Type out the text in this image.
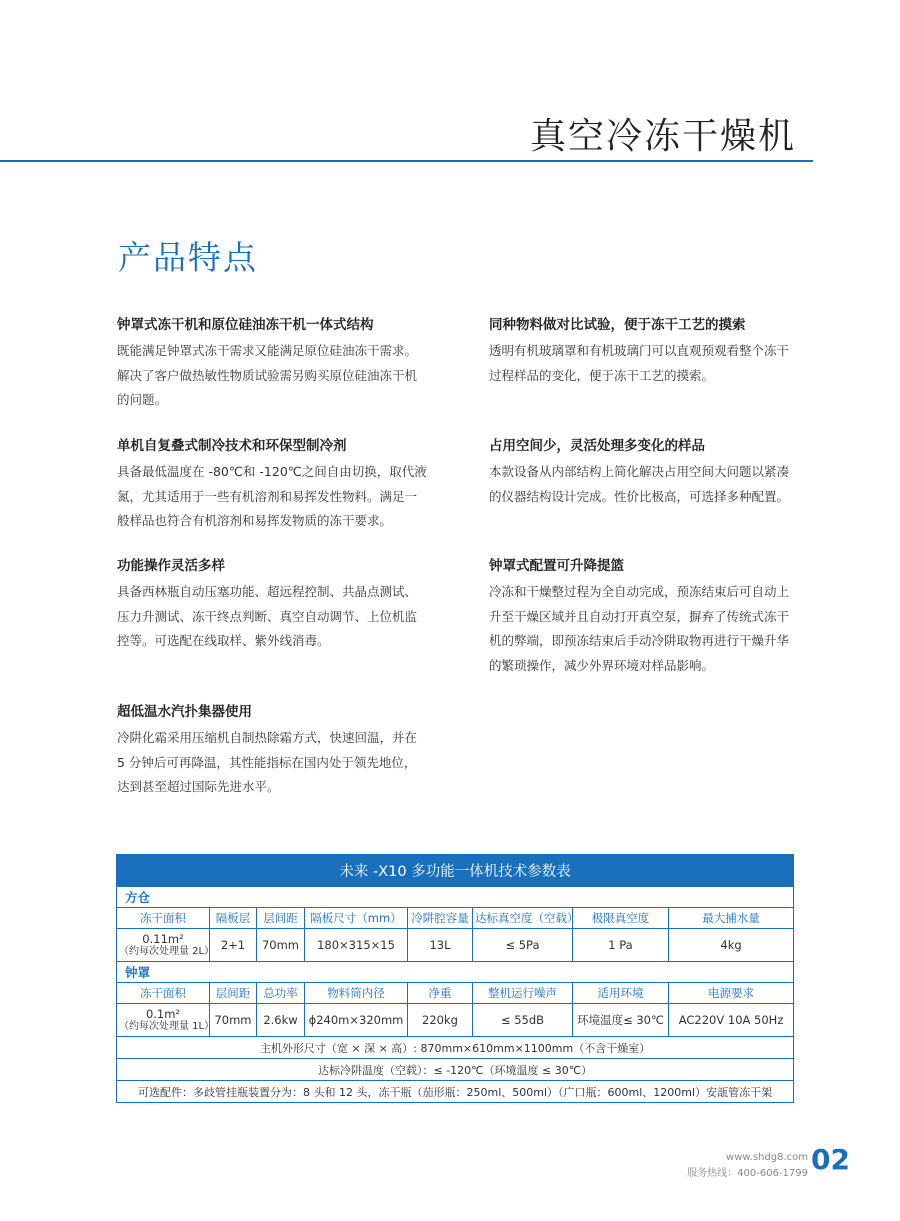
真空冷冻干燥机
产品特点
钟罩式冻干机和原位硅油冻干机一体式结构
既能满足钟罩式冻干需求又能满足原位硅油冻干需求。
解决了客户做热敏性物质试验需另购买原位硅油冻干机
的问题。
单机自复叠式制冷技术和环保型制冷剂
具备最低温度在 -80℃和 -120℃之间自由切换，取代液
氮，尤其适用于一些有机溶剂和易挥发性物料。满足一
般样品也符合有机溶剂和易挥发物质的冻干要求。
功能操作灵活多样
具备西林瓶自动压塞功能、超远程控制、共晶点测试、
压力升测试、冻干终点判断、真空自动调节、上位机监
控等。可选配在线取样、紫外线消毒。
超低温水汽扑集器使用
冷阱化霜采用压缩机自制热除霜方式，快速回温，并在
5 分钟后可再降温，其性能指标在国内处于领先地位，
达到甚至超过国际先进水平。
同种物料做对比试验，便于冻干工艺的摸索
透明有机玻璃罩和有机玻璃门可以直观预观看整个冻干
过程样品的变化，便于冻干工艺的摸索。
占用空间少，灵活处理多变化的样品
本款设备从内部结构上简化解决占用空间大问题以紧凑
的仪器结构设计完成。性价比极高，可选择多种配置。
钟罩式配置可升降提篮
冷冻和干燥整过程为全自动完成，预冻结束后可自动上
升至干燥区域并且自动打开真空泵，摒弃了传统式冻干
机的弊端，即预冻结束后手动冷阱取物再进行干燥升华
的繁琐操作，减少外界环境对样品影响。
未来 -X10 多功能一体机技术参数表							
方仓							
冻干面积	隔板层	层间距	隔板尺寸（mm）	冷阱腔容量	达标真空度（空载）	极限真空度	最大捕水量

0.11m²
（约每次处理量 2L）	2+1	70mm	180×315×15	13L	≤ 5Pa	1 Pa	4kg
钟罩							
冻干面积	层间距	总功率	物料筒内径	净重	整机运行噪声	适用环境	电源要求

0.1m²
（约每次处理量 1L）	70mm	2.6kw	ϕ240m×320mm	220kg	≤ 55dB	环境温度≤ 30℃	AC220V 10A 50Hz
主机外形尺寸（宽 × 深 × 高）: 870mm×610mm×1100mm（不含干燥室）							
达标冷阱温度（空载）：≤ -120℃（环境温度 ≤ 30℃）							
可选配件：多歧管挂瓶装置分为：8 头和 12 头，冻干瓶（茄形瓶：250ml、500ml）（广口瓶：600ml、1200ml）安瓿管冻干架							
www.shdg8.com
服务热线：400-606-1799 02
